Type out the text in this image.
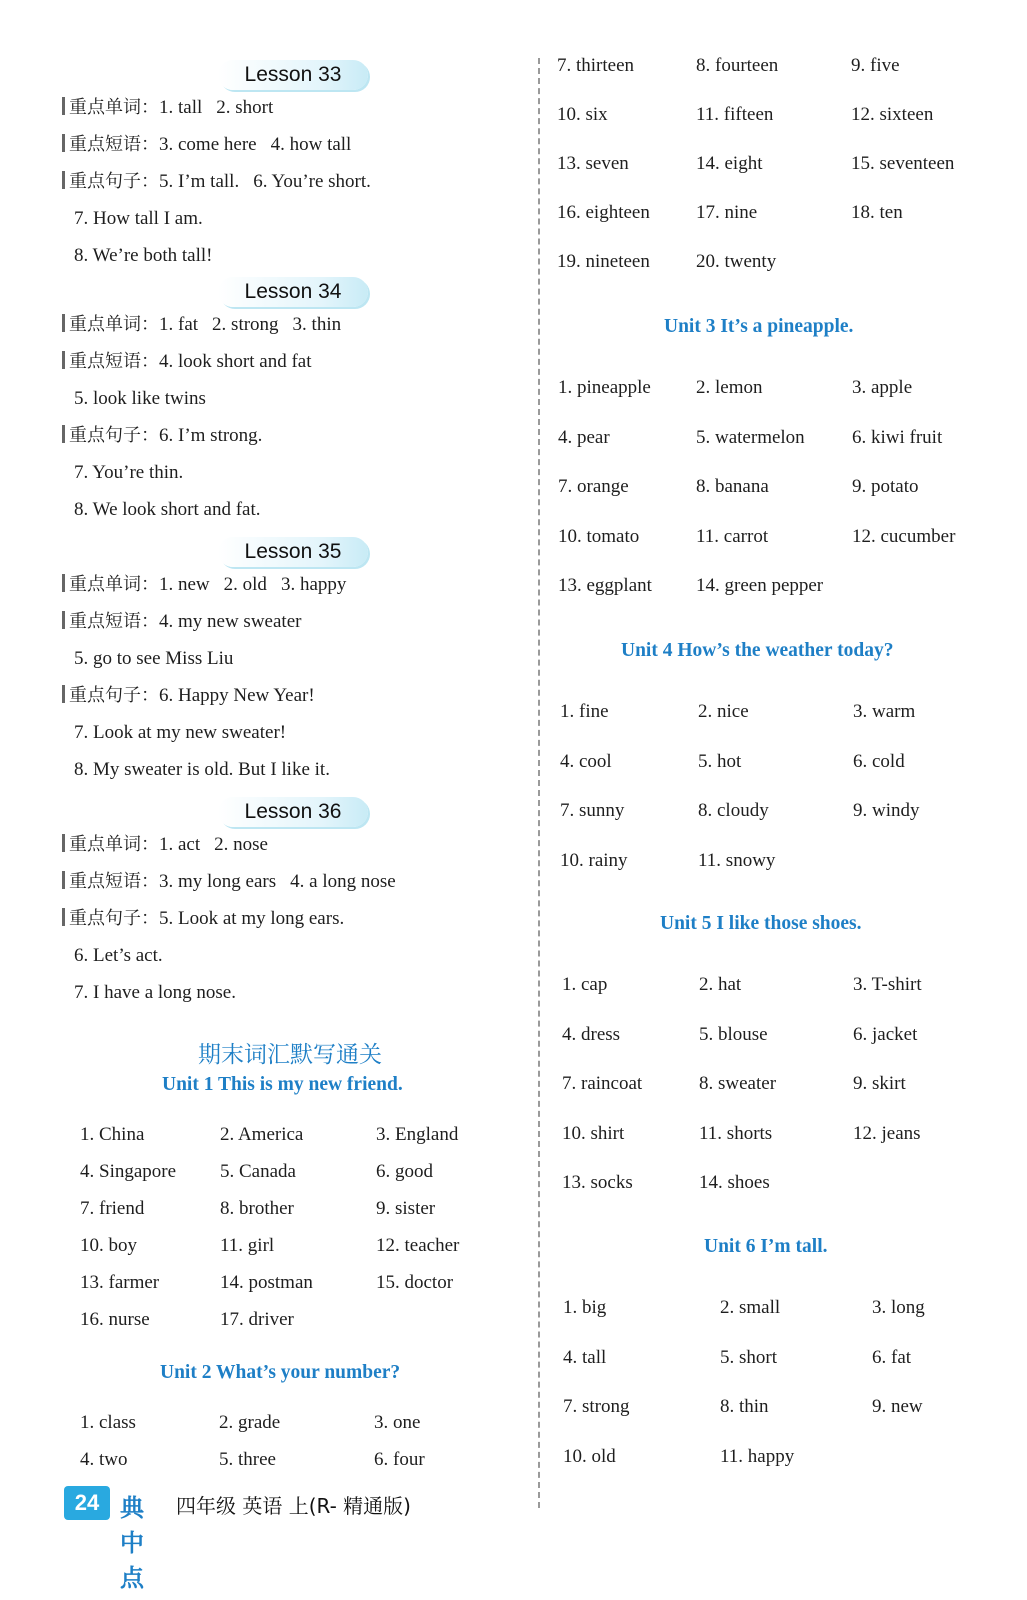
Lesson 33
重点单词：1. tall 2. short
重点短语：3. come here 4. how tall
重点句子：5. I’m tall. 6. You’re short.
7. How tall I am.
8. We’re both tall!
Lesson 34
重点单词：1. fat 2. strong 3. thin
重点短语：4. look short and fat
5. look like twins
重点句子：6. I’m strong.
7. You’re thin.
8. We look short and fat.
Lesson 35
重点单词：1. new 2. old 3. happy
重点短语：4. my new sweater
5. go to see Miss Liu
重点句子：6. Happy New Year!
7. Look at my new sweater!
8. My sweater is old. But I like it.
Lesson 36
重点单词：1. act 2. nose
重点短语：3. my long ears 4. a long nose
重点句子：5. Look at my long ears.
6. Let’s act.
7. I have a long nose.
期末词汇默写通关
Unit 1 This is my new friend.
1. China	2. America	3. England
4. Singapore 5. Canada	6. good
7. friend	8. brother	9. sister
10. boy	11. girl	12. teacher
13. farmer	14. postman	15. doctor
16. nurse	17. driver
Unit 2 What’s your number?
1. class	2. grade	3. one
4. two	5. three	6. four
7. thirteen	8. fourteen	9. five
10. six	11. fifteen	12. sixteen
13. seven	14. eight	15. seventeen
16. eighteen 17. nine	18. ten
19. nineteen 20. twenty
Unit 3 It’s a pineapple.
1. pineapple 2. lemon	3. apple
4. pear	5. watermelon 6. kiwi fruit
7. orange	8. banana	9. potato
10. tomato	11. carrot	12. cucumber
13. eggplant 14. green pepper
Unit 4 How’s the weather today?
1. fine	2. nice	3. warm
4. cool	5. hot	6. cold
7. sunny	8. cloudy	9. windy
10. rainy	11. snowy
Unit 5 I like those shoes.
1. cap	2. hat	3. T-shirt
4. dress	5. blouse	6. jacket
7. raincoat	8. sweater	9. skirt
10. shirt	11. shorts	12. jeans
13. socks	14. shoes
Unit 6 I’m tall.
1. big	2. small	3. long
4. tall	5. short	6. fat
7. strong	8. thin	9. new
10. old	11. happy
24 典中点
四年级 英语 上(R- 精通版)
